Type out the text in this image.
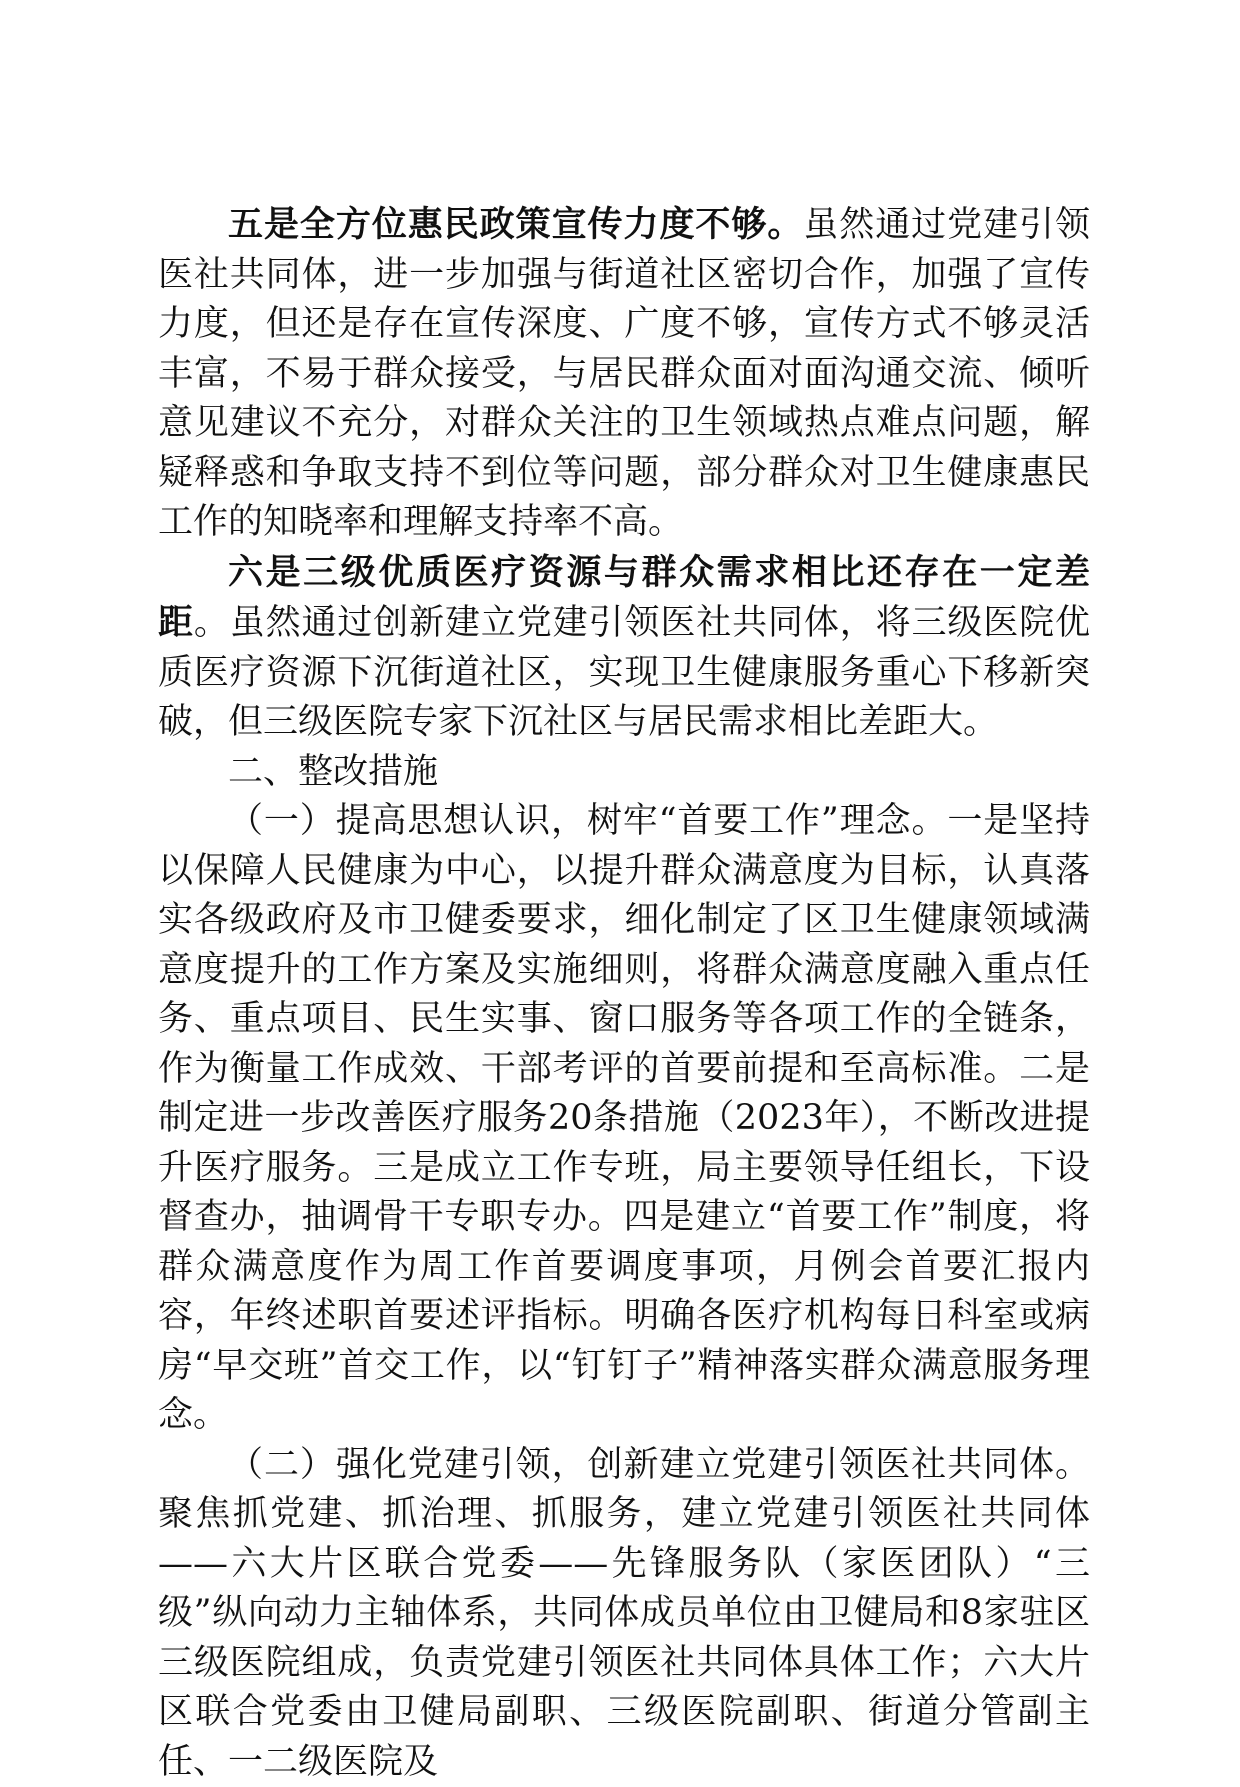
五是全方位惠民政策宣传力度不够。虽然通过党建引领医社共同体，进一步加强与街道社区密切合作，加强了宣传力度，但还是存在宣传深度、广度不够，宣传方式不够灵活丰富，不易于群众接受，与居民群众面对面沟通交流、倾听意见建议不充分，对群众关注的卫生领域热点难点问题，解疑释惑和争取支持不到位等问题，部分群众对卫生健康惠民工作的知晓率和理解支持率不高。

六是三级优质医疗资源与群众需求相比还存在一定差距。虽然通过创新建立党建引领医社共同体，将三级医院优质医疗资源下沉街道社区，实现卫生健康服务重心下移新突破，但三级医院专家下沉社区与居民需求相比差距大。

二、整改措施

（一）提高思想认识，树牢“首要工作”理念。一是坚持以保障人民健康为中心，以提升群众满意度为目标，认真落实各级政府及市卫健委要求，细化制定了区卫生健康领域满意度提升的工作方案及实施细则，将群众满意度融入重点任务、重点项目、民生实事、窗口服务等各项工作的全链条，作为衡量工作成效、干部考评的首要前提和至高标准。二是制定进一步改善医疗服务20条措施（2023年），不断改进提升医疗服务。三是成立工作专班，局主要领导任组长，下设督查办，抽调骨干专职专办。四是建立“首要工作”制度，将群众满意度作为周工作首要调度事项，月例会首要汇报内容，年终述职首要述评指标。明确各医疗机构每日科室或病房“早交班”首交工作，以“钉钉子”精神落实群众满意服务理念。

（二）强化党建引领，创新建立党建引领医社共同体。聚焦抓党建、抓治理、抓服务，建立党建引领医社共同体——六大片区联合党委——先锋服务队（家医团队）“三级”纵向动力主轴体系，共同体成员单位由卫健局和8家驻区三级医院组成，负责党建引领医社共同体具体工作；六大片区联合党委由卫健局副职、三级医院副职、街道分管副主任、一二级医院及
